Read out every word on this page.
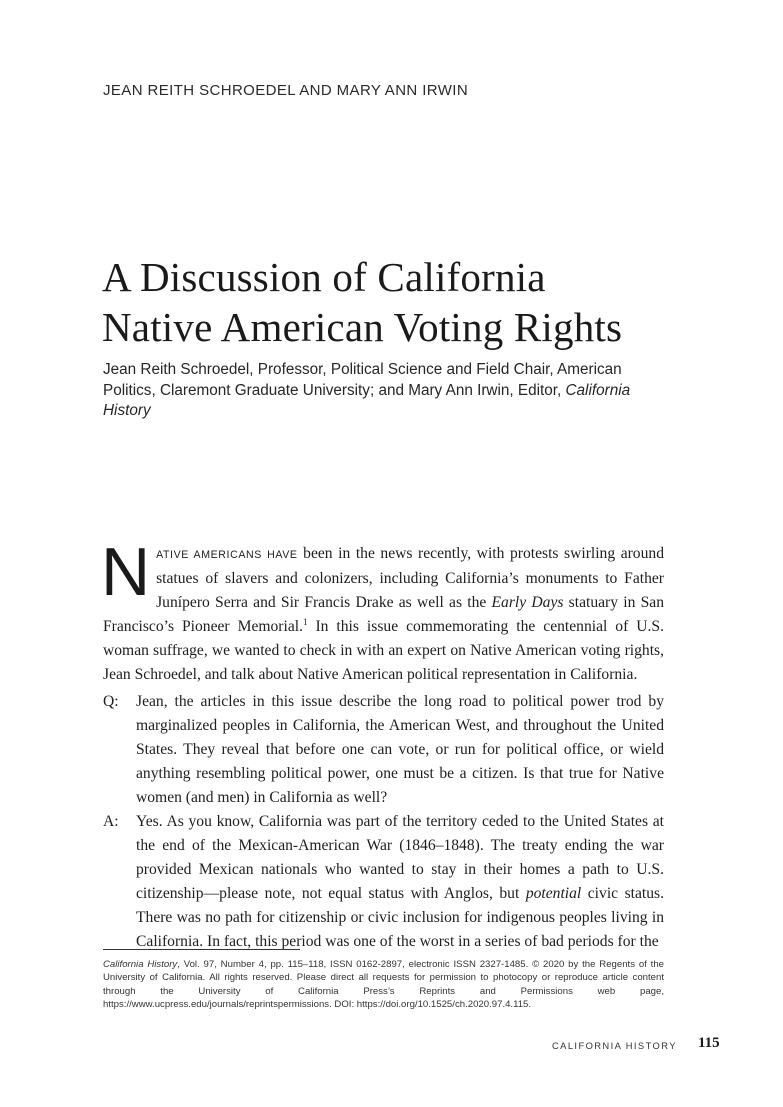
JEAN REITH SCHROEDEL AND MARY ANN IRWIN
A Discussion of California
Native American Voting Rights
Jean Reith Schroedel, Professor, Political Science and Field Chair, American Politics, Claremont Graduate University; and Mary Ann Irwin, Editor, California History
NATIVE AMERICANS HAVE been in the news recently, with protests swirling around statues of slavers and colonizers, including California’s monuments to Father Junípero Serra and Sir Francis Drake as well as the Early Days statuary in San Francisco’s Pioneer Memorial.$^1$ In this issue commemorating the centennial of U.S. woman suffrage, we wanted to check in with an expert on Native American voting rights, Jean Schroedel, and talk about Native American political representation in California.
Q: Jean, the articles in this issue describe the long road to political power trod by marginalized peoples in California, the American West, and throughout the United States. They reveal that before one can vote, or run for political office, or wield anything resembling political power, one must be a citizen. Is that true for Native women (and men) in California as well?
A: Yes. As you know, California was part of the territory ceded to the United States at the end of the Mexican-American War (1846–1848). The treaty ending the war provided Mexican nationals who wanted to stay in their homes a path to U.S. citizenship—please note, not equal status with Anglos, but potential civic status. There was no path for citizenship or civic inclusion for indigenous peoples living in California. In fact, this period was one of the worst in a series of bad periods for the
California History, Vol. 97, Number 4, pp. 115–118, ISSN 0162-2897, electronic ISSN 2327-1485. © 2020 by the Regents of the University of California. All rights reserved. Please direct all requests for permission to photocopy or reproduce article content through the University of California Press’s Reprints and Permissions web page, https://www.ucpress.edu/journals/reprintspermissions. DOI: https://doi.org/10.1525/ch.2020.97.4.115.
CALIFORNIA HISTORY 115
